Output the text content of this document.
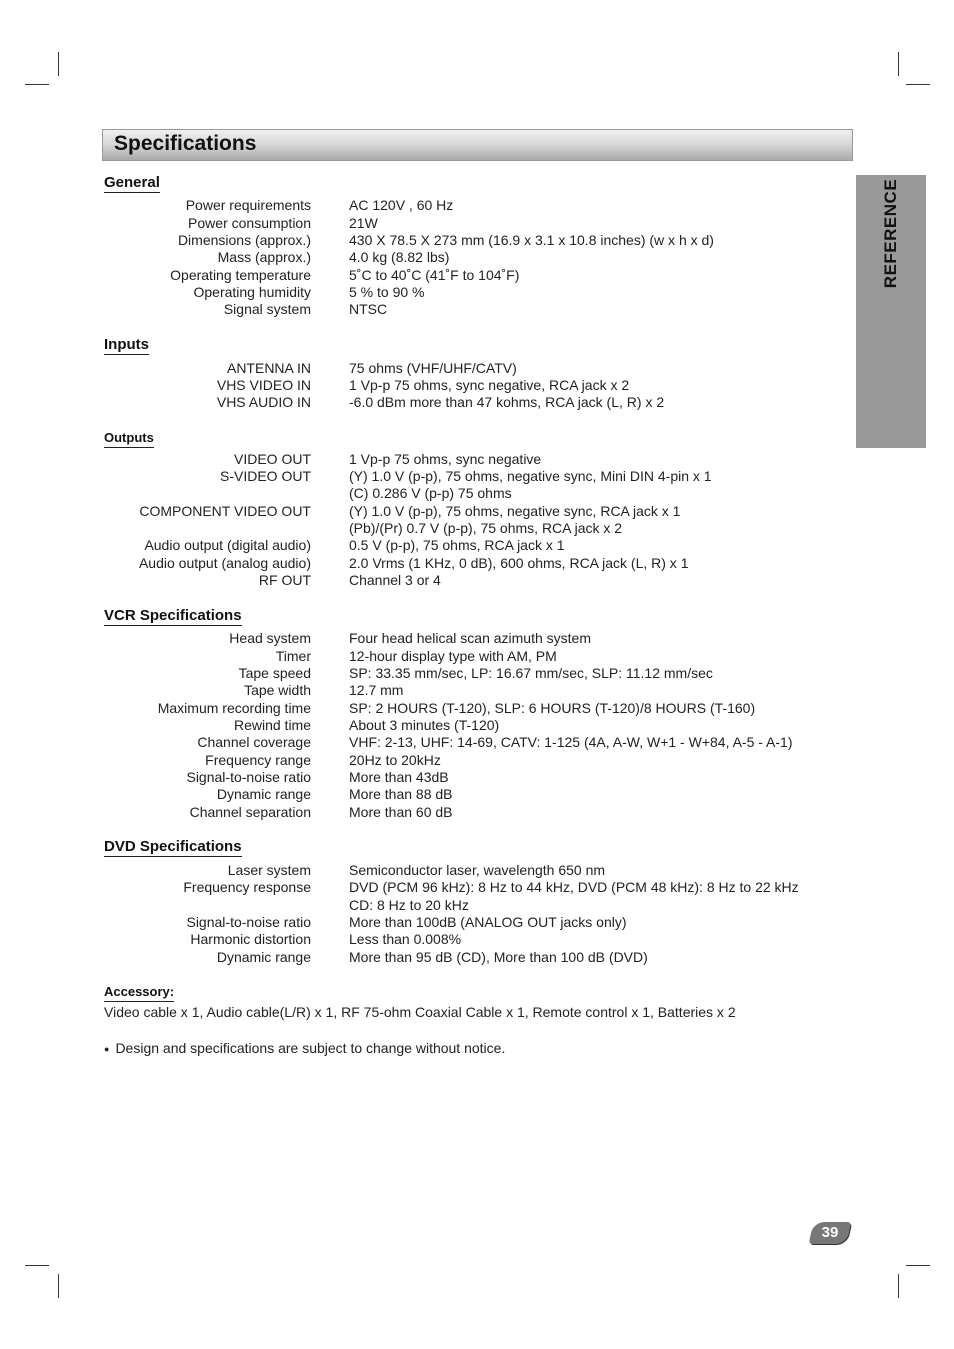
Specifications
REFERENCE
General
Power requirements	AC 120V , 60 Hz
Power consumption	21W
Dimensions (approx.)	430 X 78.5 X 273 mm (16.9 x 3.1 x 10.8 inches) (w x h x d)
Mass (approx.)	4.0 kg (8.82 lbs)
Operating temperature	5˚C to 40˚C (41˚F to 104˚F)
Operating humidity	5 % to 90 %
Signal system	NTSC
Inputs
ANTENNA IN	75 ohms (VHF/UHF/CATV)
VHS VIDEO IN	1 Vp-p 75 ohms, sync negative, RCA jack x 2
VHS AUDIO IN	-6.0 dBm more than 47 kohms, RCA jack (L, R) x 2
Outputs
VIDEO OUT	1 Vp-p 75 ohms, sync negative
S-VIDEO OUT	(Y) 1.0 V (p-p), 75 ohms, negative sync, Mini DIN 4-pin x 1
(C) 0.286 V (p-p) 75 ohms
COMPONENT VIDEO OUT	(Y) 1.0 V (p-p), 75 ohms, negative sync, RCA jack x 1
(Pb)/(Pr) 0.7 V (p-p), 75 ohms, RCA jack x 2
Audio output (digital audio)	0.5 V (p-p), 75 ohms, RCA jack x 1
Audio output (analog audio)	2.0 Vrms (1 KHz, 0 dB), 600 ohms, RCA jack (L, R) x 1
RF OUT	Channel 3 or 4
VCR Specifications
Head system	Four head helical scan azimuth system
Timer	12-hour display type with AM, PM
Tape speed	SP: 33.35 mm/sec, LP: 16.67 mm/sec, SLP: 11.12 mm/sec
Tape width	12.7 mm
Maximum recording time	SP: 2 HOURS (T-120), SLP: 6 HOURS (T-120)/8 HOURS (T-160)
Rewind time	About 3 minutes (T-120)
Channel coverage	VHF: 2-13, UHF: 14-69, CATV: 1-125 (4A, A-W, W+1 - W+84, A-5 - A-1)
Frequency range	20Hz to 20kHz
Signal-to-noise ratio	More than 43dB
Dynamic range	More than 88 dB
Channel separation	More than 60 dB
DVD Specifications
Laser system	Semiconductor laser, wavelength 650 nm
Frequency response	DVD (PCM 96 kHz): 8 Hz to 44 kHz, DVD (PCM 48 kHz): 8 Hz to 22 kHz
CD: 8 Hz to 20 kHz
Signal-to-noise ratio	More than 100dB (ANALOG OUT jacks only)
Harmonic distortion	Less than 0.008%
Dynamic range	More than 95 dB (CD), More than 100 dB (DVD)
Accessory:
Video cable x 1, Audio cable(L/R) x 1, RF 75-ohm Coaxial Cable x 1, Remote control x 1, Batteries x 2
● Design and specifications are subject to change without notice.
39
